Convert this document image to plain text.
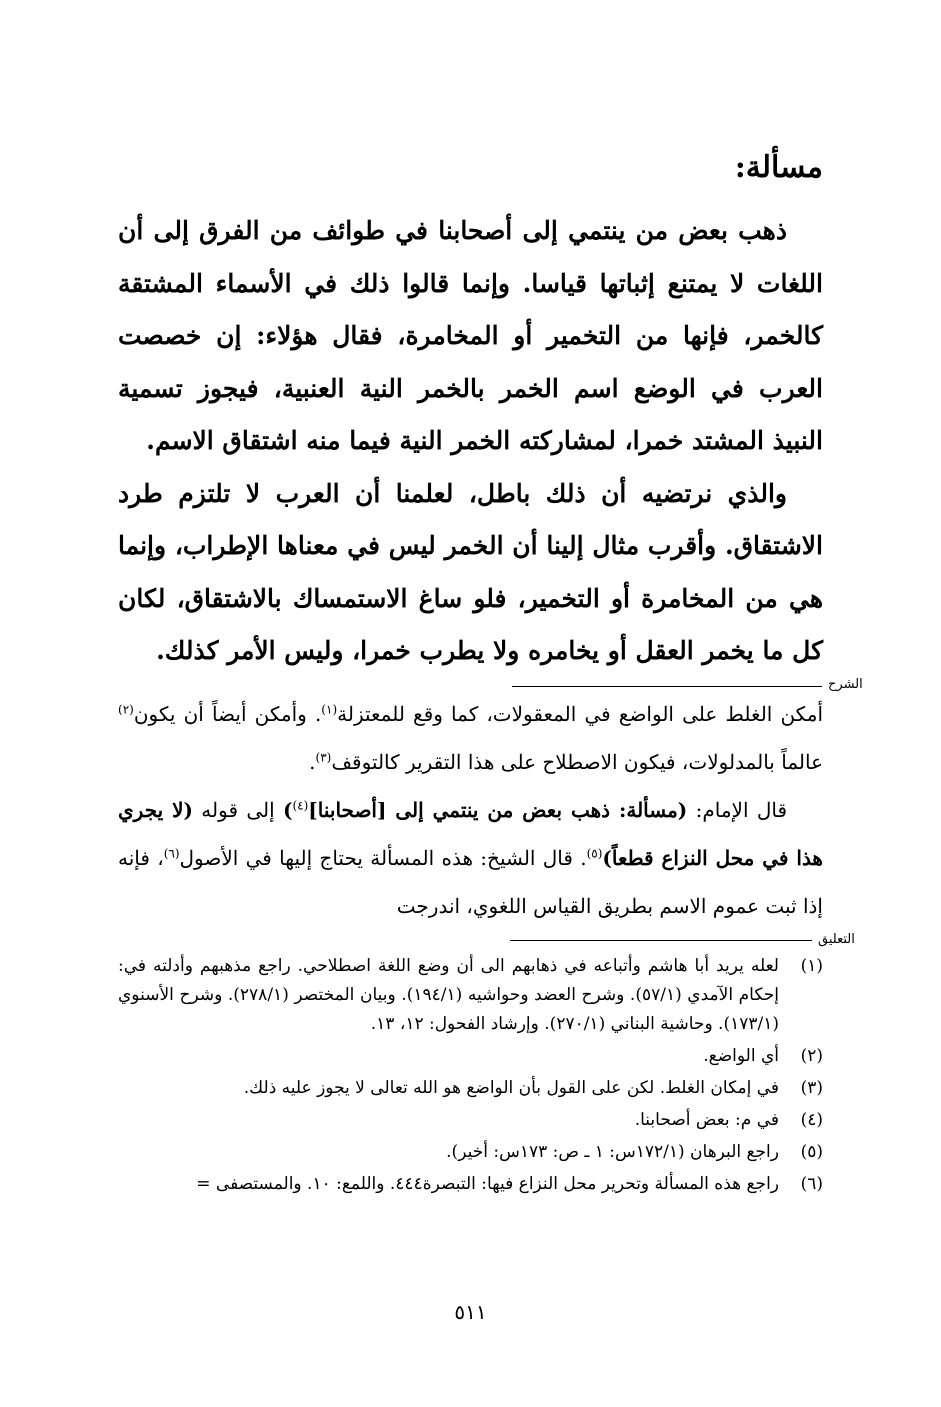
مسألة:

ذهب بعض من ينتمي إلى أصحابنا في طوائف من الفرق إلى أن اللغات لا يمتنع إثباتها قياسا. وإنما قالوا ذلك في الأسماء المشتقة كالخمر، فإنها من التخمير أو المخامرة، فقال هؤلاء: إن خصصت العرب في الوضع اسم الخمر بالخمر النية العنبية، فيجوز تسمية النبيذ المشتد خمرا، لمشاركته الخمر النية فيما منه اشتقاق الاسم.

والذي نرتضيه أن ذلك باطل، لعلمنا أن العرب لا تلتزم طرد الاشتقاق. وأقرب مثال إلينا أن الخمر ليس في معناها الإطراب، وإنما هي من المخامرة أو التخمير، فلو ساغ الاستمساك بالاشتقاق، لكان كل ما يخمر العقل أو يخامره ولا يطرب خمرا، وليس الأمر كذلك.

الشرح

أمكن الغلط على الواضع في المعقولات، كما وقع للمعتزلة$^{(١)}$. وأمكن أيضاً أن يكون$^{(٢)}$ عالماً بالمدلولات، فيكون الاصطلاح على هذا التقرير كالتوقف$^{(٣)}$.

قال الإمام: (مسألة: ذهب بعض من ينتمي إلى [أصحابنا]$^{(٤)}$) إلى قوله (لا يجري هذا في محل النزاع قطعاً)$^{(٥)}$. قال الشيخ: هذه المسألة يحتاج إليها في الأصول$^{(٦)}$، فإنه إذا ثبت عموم الاسم بطريق القياس اللغوي، اندرجت

التعليق
(١)
لعله يريد أبا هاشم وأتباعه في ذهابهم الى أن وضع اللغة اصطلاحي. راجع مذهبهم وأدلته في: إحكام الآمدي (٥٧/١). وشرح العضد وحواشيه (١٩٤/١). وبيان المختصر (٢٧٨/١). وشرح الأسنوي (١٧٣/١). وحاشية البناني (٢٧٠/١). وإرشاد الفحول: ١٢، ١٣.
(٢)
أي الواضع.
(٣)
في إمكان الغلط. لكن على القول بأن الواضع هو الله تعالى لا يجوز عليه ذلك.
(٤)
في م: بعض أصحابنا.
(٥)
راجع البرهان (١٧٢/١س: ١ ـ ص: ١٧٣س: أخير).
(٦)
راجع هذه المسألة وتحرير محل النزاع فيها: التبصرة٤٤٤. واللمع: ١٠. والمستصفى =
٥١١
